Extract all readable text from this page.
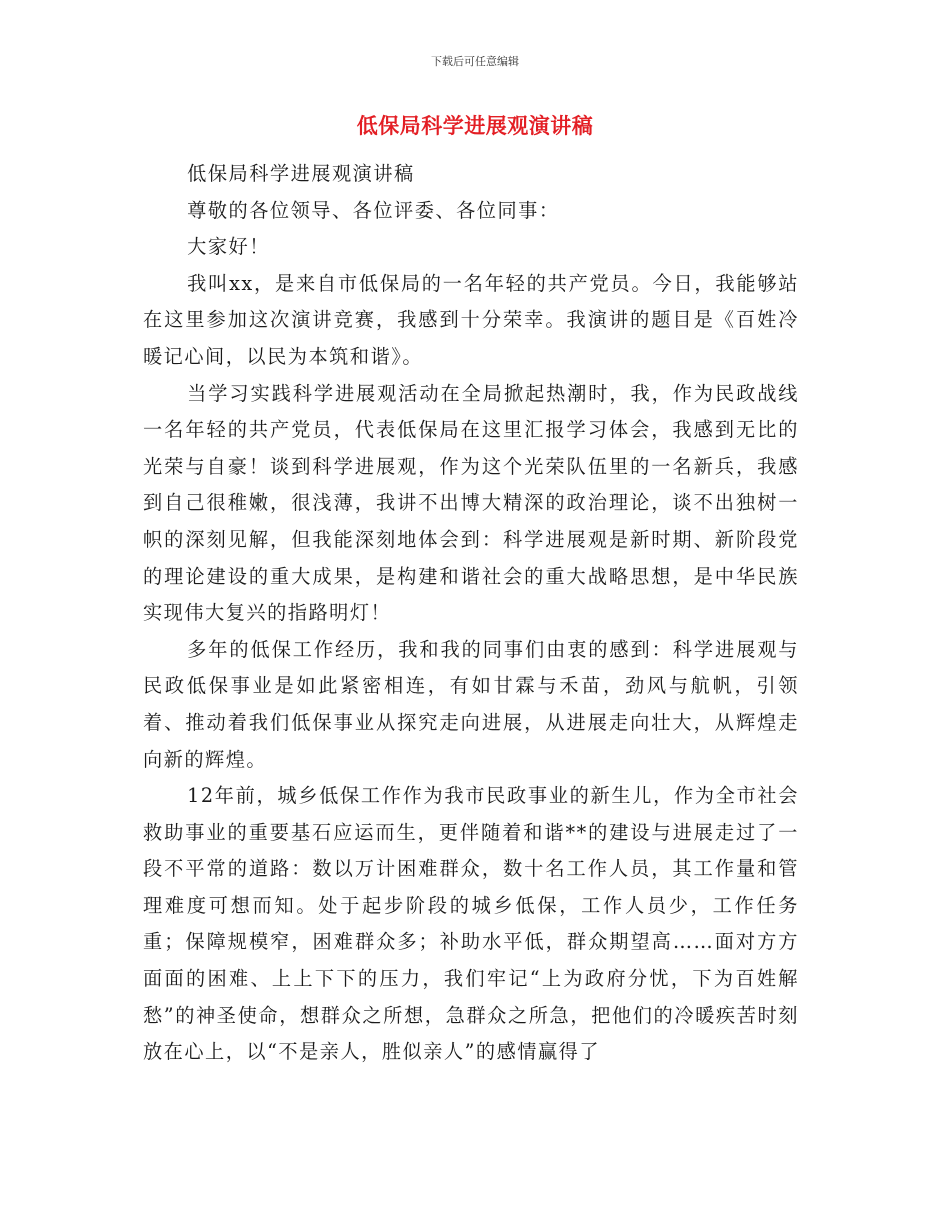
下载后可任意编辑
低保局科学进展观演讲稿

低保局科学进展观演讲稿

尊敬的各位领导、各位评委、各位同事：

大家好！

我叫xx，是来自市低保局的一名年轻的共产党员。今日，我能够站在这里参加这次演讲竞赛，我感到十分荣幸。我演讲的题目是《百姓冷暖记心间，以民为本筑和谐》。

当学习实践科学进展观活动在全局掀起热潮时，我，作为民政战线一名年轻的共产党员，代表低保局在这里汇报学习体会，我感到无比的光荣与自豪！谈到科学进展观，作为这个光荣队伍里的一名新兵，我感到自己很稚嫩，很浅薄，我讲不出博大精深的政治理论，谈不出独树一帜的深刻见解，但我能深刻地体会到：科学进展观是新时期、新阶段党的理论建设的重大成果，是构建和谐社会的重大战略思想，是中华民族实现伟大复兴的指路明灯！

多年的低保工作经历，我和我的同事们由衷的感到：科学进展观与民政低保事业是如此紧密相连，有如甘霖与禾苗，劲风与航帆，引领着、推动着我们低保事业从探究走向进展，从进展走向壮大，从辉煌走向新的辉煌。

12年前，城乡低保工作作为我市民政事业的新生儿，作为全市社会救助事业的重要基石应运而生，更伴随着和谐**的建设与进展走过了一段不平常的道路：数以万计困难群众，数十名工作人员，其工作量和管理难度可想而知。处于起步阶段的城乡低保，工作人员少，工作任务重；保障规模窄，困难群众多；补助水平低，群众期望高……面对方方面面的困难、上上下下的压力，我们牢记“上为政府分忧，下为百姓解愁”的神圣使命，想群众之所想，急群众之所急，把他们的冷暖疾苦时刻放在心上，以“不是亲人，胜似亲人”的感情赢得了
